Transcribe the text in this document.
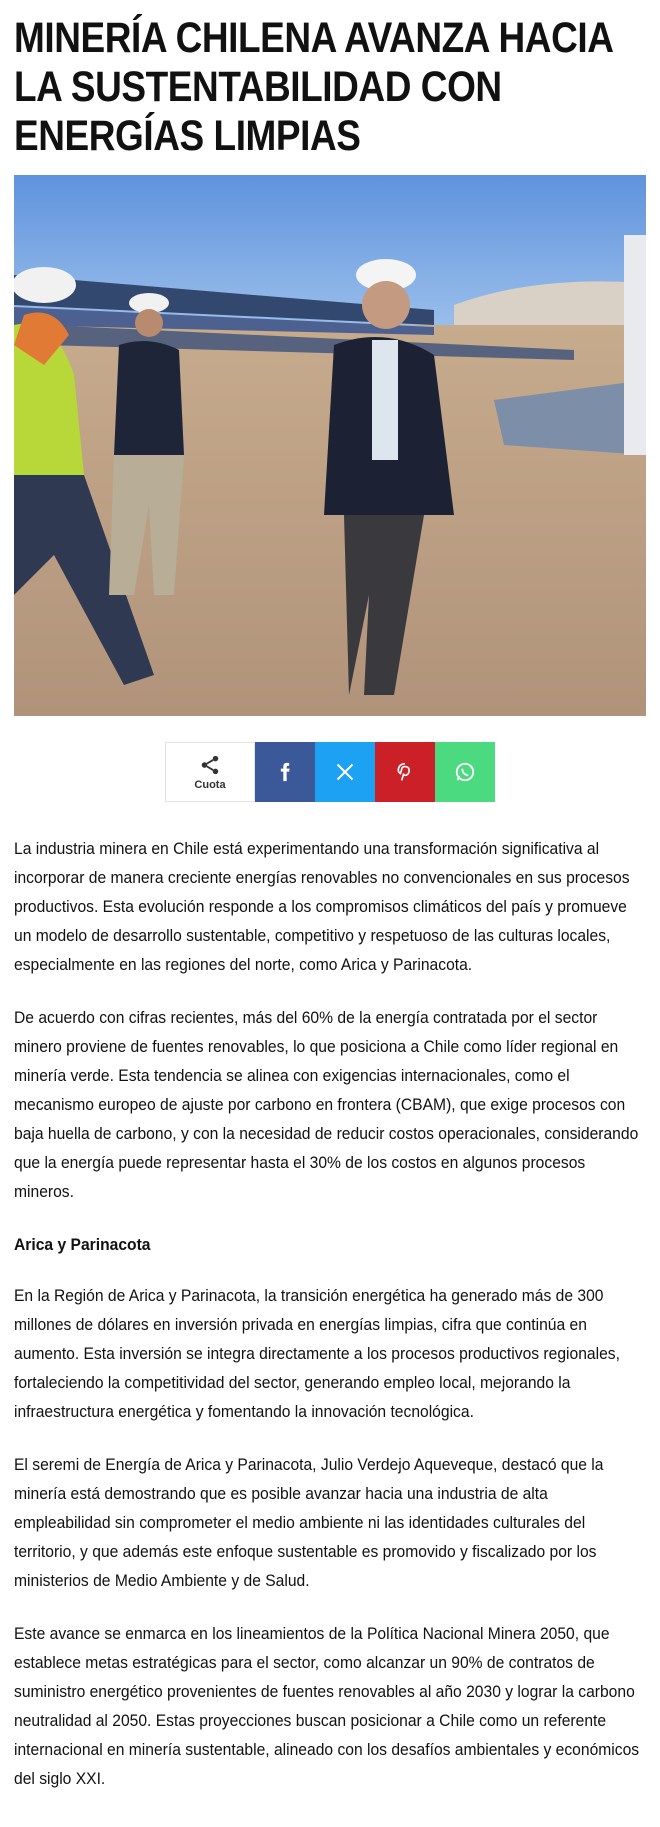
MINERÍA CHILENA AVANZA HACIA LA SUSTENTABILIDAD CON ENERGÍAS LIMPIAS
Cuota

La industria minera en Chile está experimentando una transformación significativa al incorporar de manera creciente energías renovables no convencionales en sus procesos productivos. Esta evolución responde a los compromisos climáticos del país y promueve un modelo de desarrollo sustentable, competitivo y respetuoso de las culturas locales, especialmente en las regiones del norte, como Arica y Parinacota.

De acuerdo con cifras recientes, más del 60% de la energía contratada por el sector minero proviene de fuentes renovables, lo que posiciona a Chile como líder regional en minería verde. Esta tendencia se alinea con exigencias internacionales, como el mecanismo europeo de ajuste por carbono en frontera (CBAM), que exige procesos con baja huella de carbono, y con la necesidad de reducir costos operacionales, considerando que la energía puede representar hasta el 30% de los costos en algunos procesos mineros.

Arica y Parinacota

En la Región de Arica y Parinacota, la transición energética ha generado más de 300 millones de dólares en inversión privada en energías limpias, cifra que continúa en aumento. Esta inversión se integra directamente a los procesos productivos regionales, fortaleciendo la competitividad del sector, generando empleo local, mejorando la infraestructura energética y fomentando la innovación tecnológica.

El seremi de Energía de Arica y Parinacota, Julio Verdejo Aqueveque, destacó que la minería está demostrando que es posible avanzar hacia una industria de alta empleabilidad sin comprometer el medio ambiente ni las identidades culturales del territorio, y que además este enfoque sustentable es promovido y fiscalizado por los ministerios de Medio Ambiente y de Salud.

Este avance se enmarca en los lineamientos de la Política Nacional Minera 2050, que establece metas estratégicas para el sector, como alcanzar un 90% de contratos de suministro energético provenientes de fuentes renovables al año 2030 y lograr la carbono neutralidad al 2050. Estas proyecciones buscan posicionar a Chile como un referente internacional en minería sustentable, alineado con los desafíos ambientales y económicos del siglo XXI.
